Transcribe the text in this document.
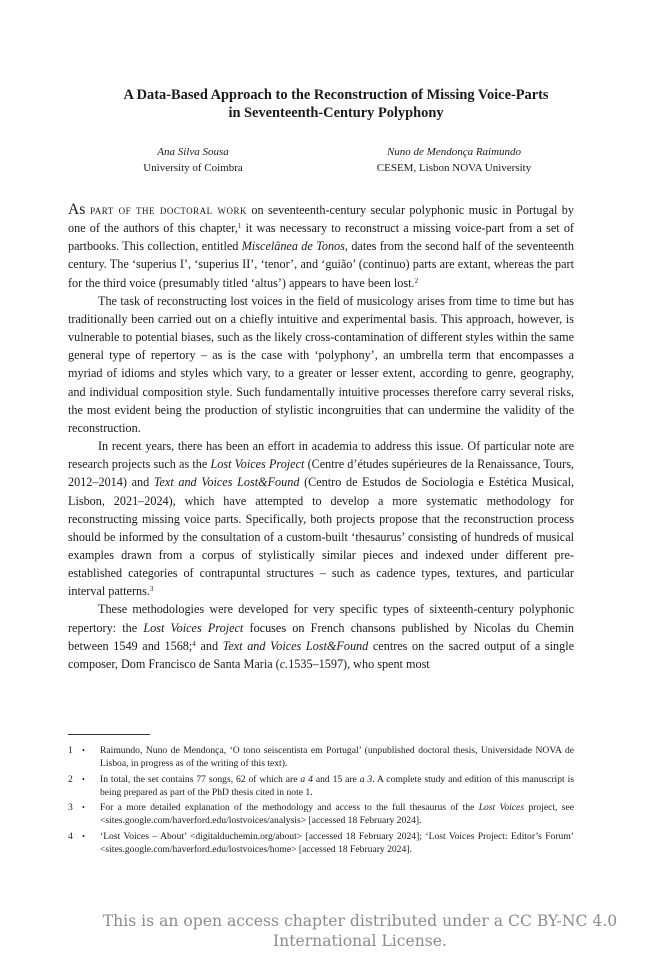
A Data-Based Approach to the Reconstruction of Missing Voice-Parts
in Seventeenth-Century Polyphony
Ana Silva Sousa
University of Coimbra
Nuno de Mendonça Raimundo
CESEM, Lisbon NOVA University

As part of the doctoral work on seventeenth-century secular polyphonic music in Portugal by one of the authors of this chapter,$^1$ it was necessary to reconstruct a missing voice-part from a set of partbooks. This collection, entitled Miscelânea de Tonos, dates from the second half of the seventeenth century. The ‘superius I’, ‘superius II’, ‘tenor’, and ‘guião’ (continuo) parts are extant, whereas the part for the third voice (presumably titled ‘altus’) appears to have been lost.$^2$

The task of reconstructing lost voices in the field of musicology arises from time to time but has traditionally been carried out on a chiefly intuitive and experimental basis. This approach, however, is vulnerable to potential biases, such as the likely cross-contamination of different styles within the same general type of repertory – as is the case with ‘polyphony’, an umbrella term that encompasses a myriad of idioms and styles which vary, to a greater or lesser extent, according to genre, geography, and individual composition style. Such fundamentally intuitive processes therefore carry several risks, the most evident being the production of stylistic incongruities that can undermine the validity of the reconstruction.

In recent years, there has been an effort in academia to address this issue. Of particular note are research projects such as the Lost Voices Project (Centre d’études supérieures de la Renaissance, Tours, 2012–2014) and Text and Voices Lost&Found (Centro de Estudos de Sociologia e Estética Musical, Lisbon, 2021–2024), which have attempted to develop a more systematic methodology for reconstructing missing voice parts. Specifically, both projects propose that the reconstruction process should be informed by the consultation of a custom-built ‘thesaurus’ consisting of hundreds of musical examples drawn from a corpus of stylistically similar pieces and indexed under different pre-established categories of contrapuntal structures – such as cadence types, textures, and particular interval patterns.$^3$

These methodologies were developed for very specific types of sixteenth-century polyphonic repertory: the Lost Voices Project focuses on French chansons published by Nicolas du Chemin between 1549 and 1568;$^4$ and Text and Voices Lost&Found centres on the sacred output of a single composer, Dom Francisco de Santa Maria (c.1535–1597), who spent most

1	• Raimundo, Nuno de Mendonça, ‘O tono seiscentista em Portugal’ (unpublished doctoral thesis, Universidade NOVA de Lisboa, in progress as of the writing of this text).
2	• In total, the set contains 77 songs, 62 of which are a 4 and 15 are a 3. A complete study and edition of this manuscript is being prepared as part of the PhD thesis cited in note 1.
3	• For a more detailed explanation of the methodology and access to the full thesaurus of the Lost Voices project, see <sites.google.com/haverford.edu/lostvoices/analysis> [accessed 18 February 2024].
4	• ‘Lost Voices – About’ <digitalduchemin.org/about> [accessed 18 February 2024]; ‘Lost Voices Project: Editor’s Forum’ <sites.google.com/haverford.edu/lostvoices/home> [accessed 18 February 2024].
This is an open access chapter distributed under a CC BY-NC 4.0 International License.
